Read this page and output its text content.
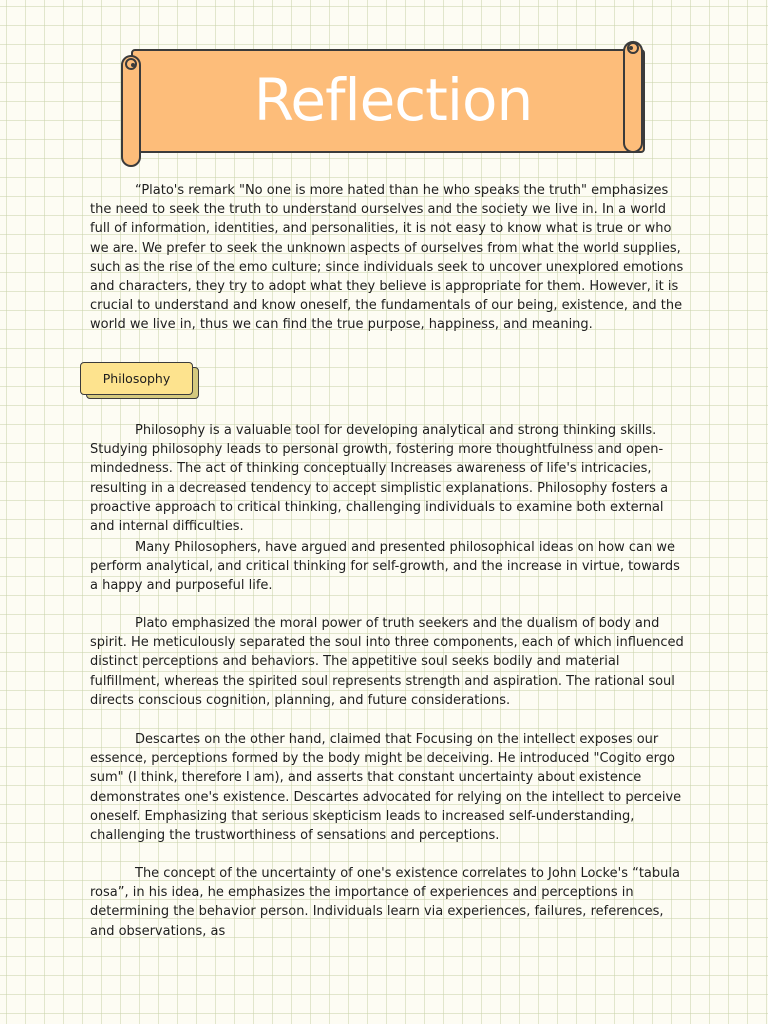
Reflection

“Plato's remark "No one is more hated than he who speaks the truth" emphasizes the need to seek the truth to understand ourselves and the society we live in. In a world full of information, identities, and personalities, it is not easy to know what is true or who we are. We prefer to seek the unknown aspects of ourselves from what the world supplies, such as the rise of the emo culture; since individuals seek to uncover unexplored emotions and characters, they try to adopt what they believe is appropriate for them. However, it is crucial to understand and know oneself, the fundamentals of our being, existence, and the world we live in, thus we can find the true purpose, happiness, and meaning.

Philosophy

Philosophy is a valuable tool for developing analytical and strong thinking skills. Studying philosophy leads to personal growth, fostering more thoughtfulness and open-mindedness. The act of thinking conceptually Increases awareness of life's intricacies, resulting in a decreased tendency to accept simplistic explanations. Philosophy fosters a proactive approach to critical thinking, challenging individuals to examine both external and internal difficulties.

Many Philosophers, have argued and presented philosophical ideas on how can we perform analytical, and critical thinking for self-growth, and the increase in virtue, towards a happy and purposeful life.

Plato emphasized the moral power of truth seekers and the dualism of body and spirit. He meticulously separated the soul into three components, each of which influenced distinct perceptions and behaviors. The appetitive soul seeks bodily and material fulfillment, whereas the spirited soul represents strength and aspiration. The rational soul directs conscious cognition, planning, and future considerations.

Descartes on the other hand, claimed that Focusing on the intellect exposes our essence, perceptions formed by the body might be deceiving. He introduced "Cogito ergo sum" (I think, therefore I am), and asserts that constant uncertainty about existence demonstrates one's existence. Descartes advocated for relying on the intellect to perceive oneself. Emphasizing that serious skepticism leads to increased self-understanding, challenging the trustworthiness of sensations and perceptions.

The concept of the uncertainty of one's existence correlates to John Locke's “tabula rosa”, in his idea, he emphasizes the importance of experiences and perceptions in determining the behavior person. Individuals learn via experiences, failures, references, and observations, as
